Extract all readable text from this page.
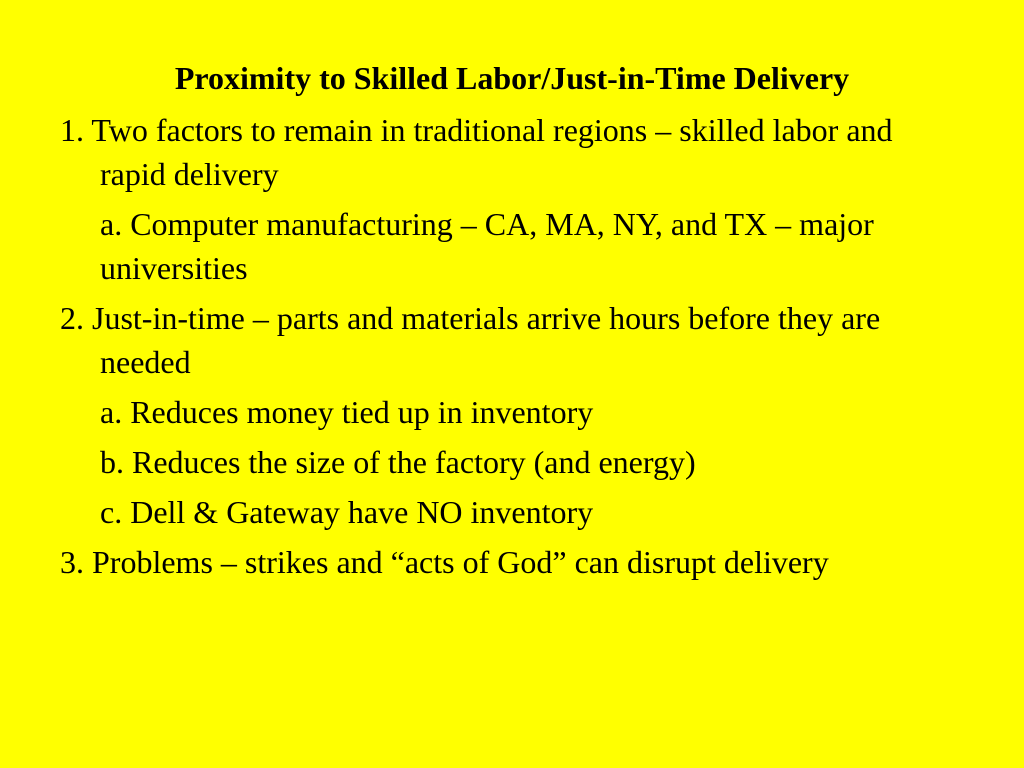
Proximity to Skilled Labor/Just-in-Time Delivery
1. Two factors to remain in traditional regions – skilled labor and rapid delivery
a. Computer manufacturing – CA, MA, NY, and TX – major universities
2. Just-in-time – parts and materials arrive hours before they are needed
a. Reduces money tied up in inventory
b. Reduces the size of the factory (and energy)
c. Dell & Gateway have NO inventory
3. Problems – strikes and “acts of God” can disrupt delivery
